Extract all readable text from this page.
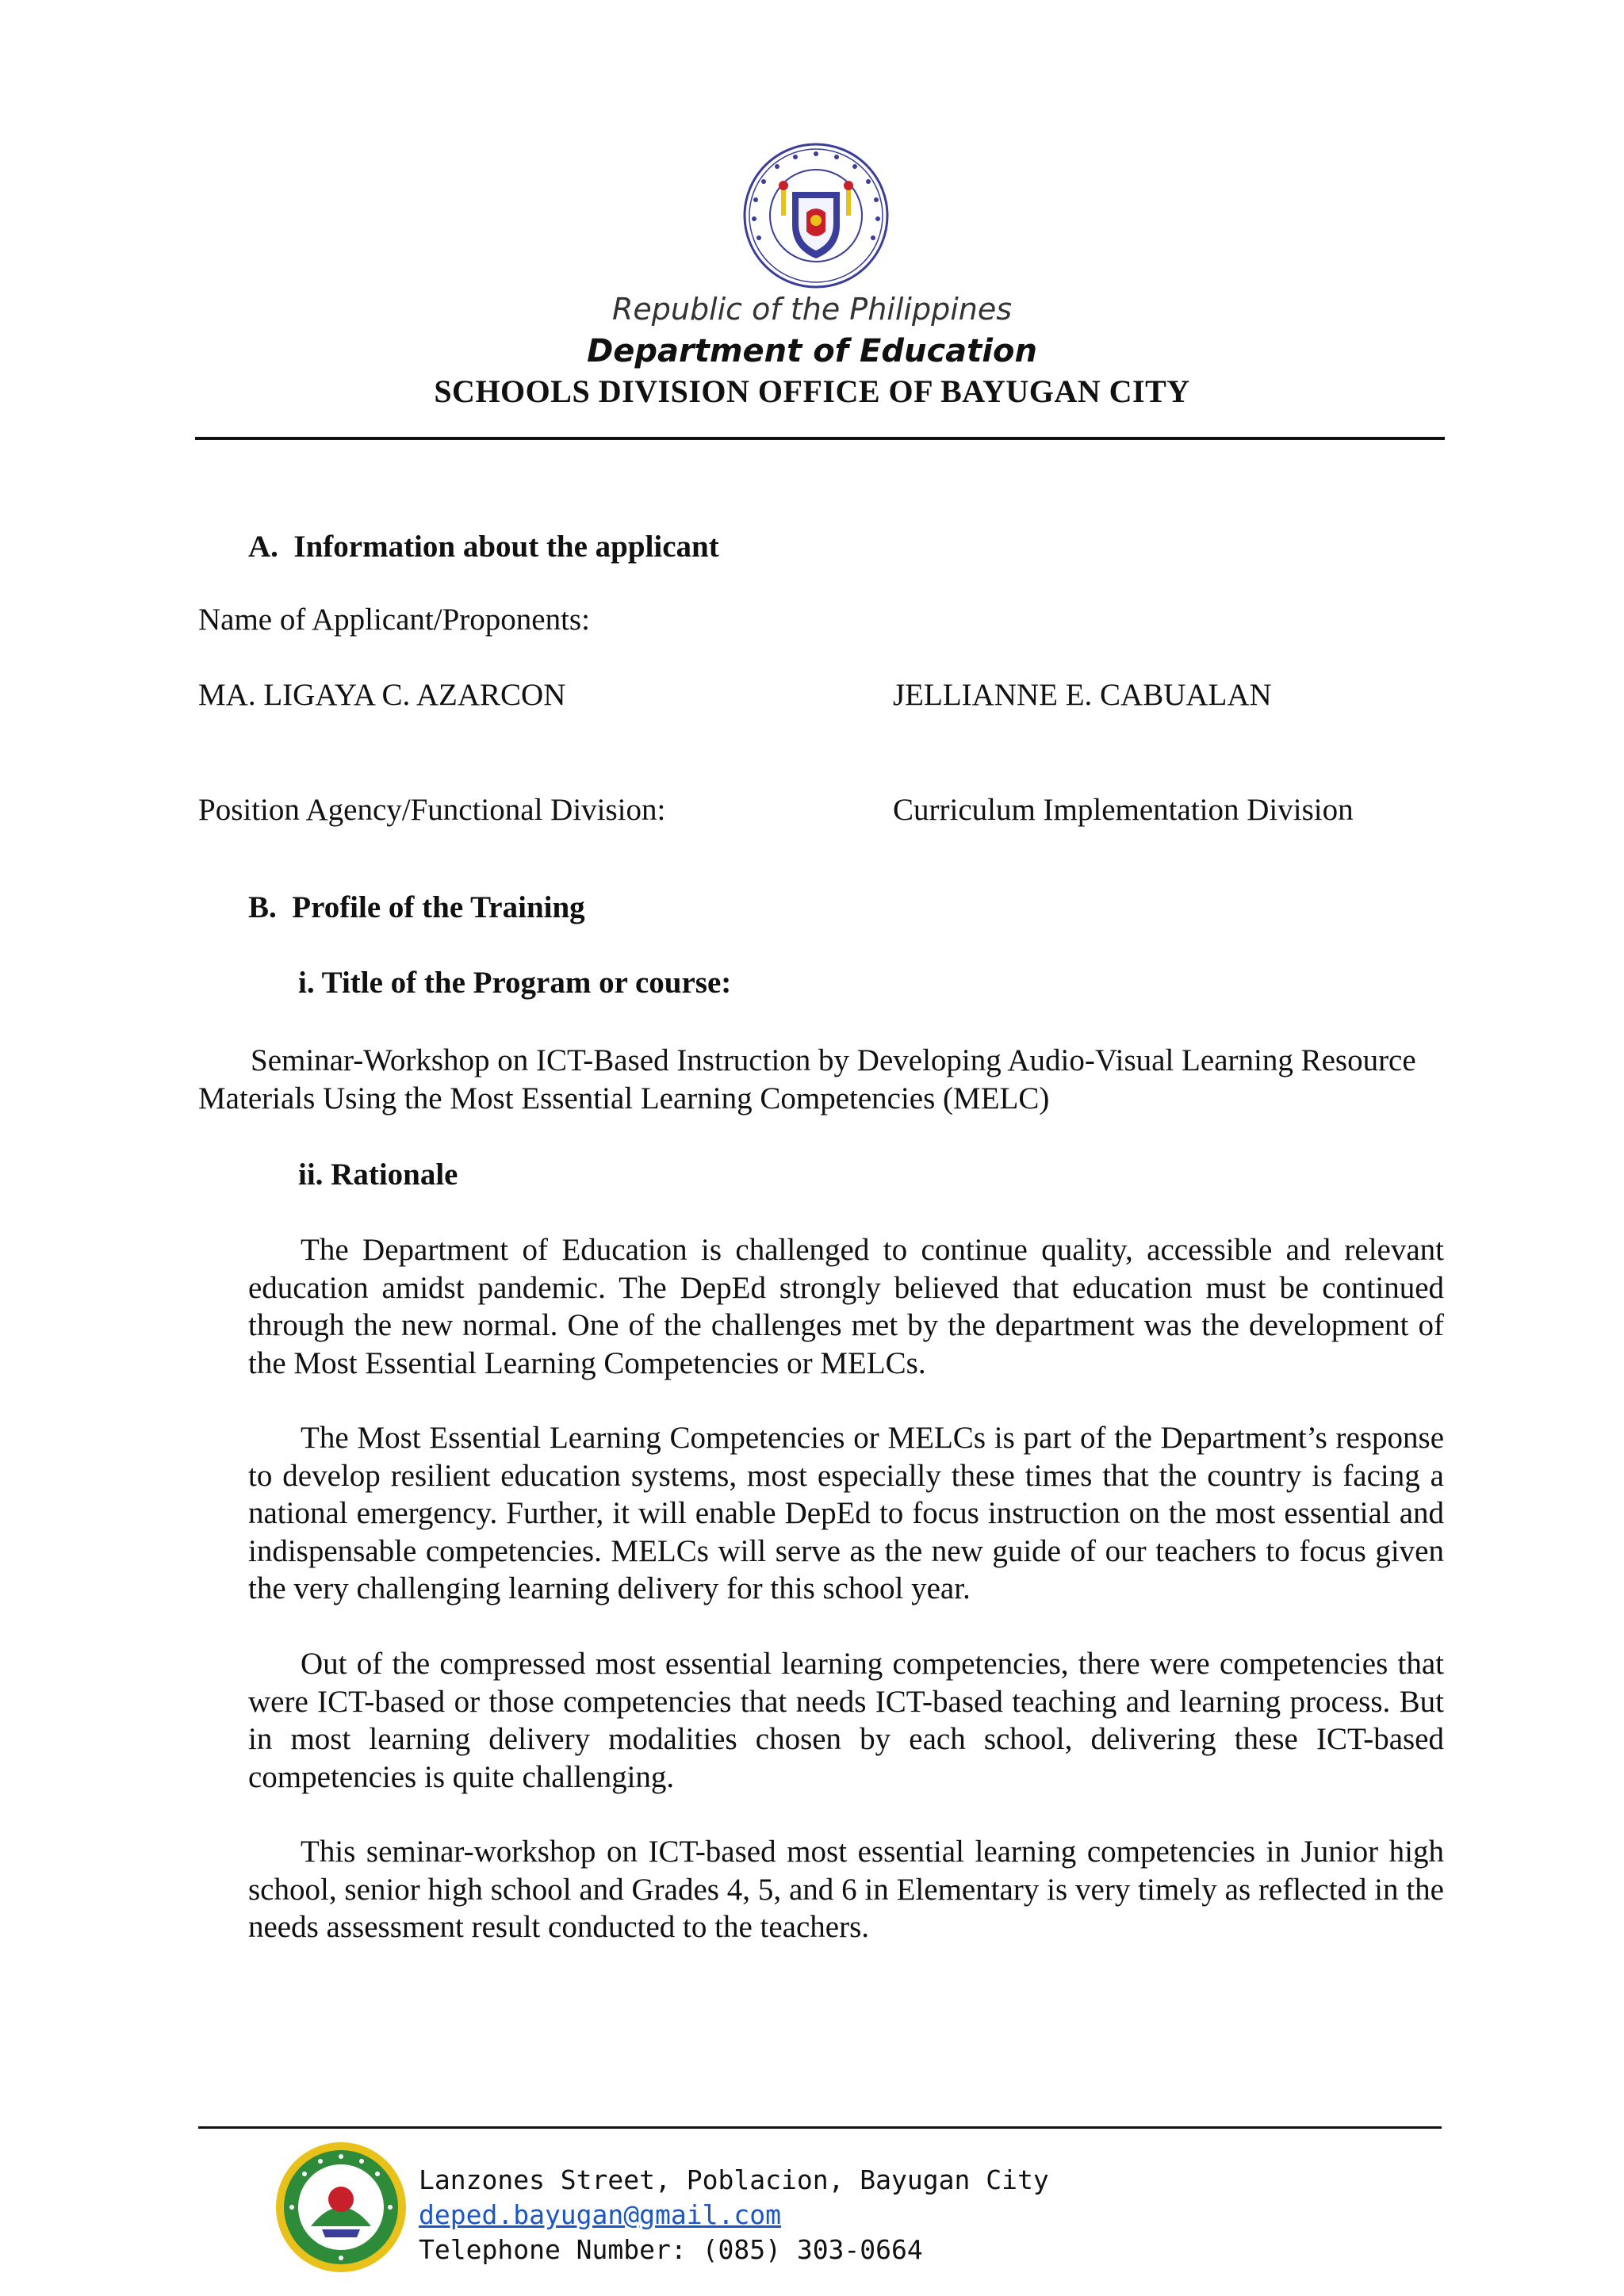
Republic of the Philippines
Department of Education
SCHOOLS DIVISION OFFICE OF BAYUGAN CITY
A.  Information about the applicant
Name of Applicant/Proponents:
MA. LIGAYA C. AZARCON	JELLIANNE E. CABUALAN
Position Agency/Functional Division:	Curriculum Implementation Division
B.  Profile of the Training
i. Title of the Program or course:
Seminar-Workshop on ICT-Based Instruction by Developing Audio-Visual Learning Resource Materials Using the Most Essential Learning Competencies (MELC)
ii. Rationale
The Department of Education is challenged to continue quality, accessible and relevant education amidst pandemic. The DepEd strongly believed that education must be continued through the new normal. One of the challenges met by the department was the development of the Most Essential Learning Competencies or MELCs.
The Most Essential Learning Competencies or MELCs is part of the Department’s response to develop resilient education systems, most especially these times that the country is facing a national emergency. Further, it will enable DepEd to focus instruction on the most essential and indispensable competencies. MELCs will serve as the new guide of our teachers to focus given the very challenging learning delivery for this school year.
Out of the compressed most essential learning competencies, there were competencies that were ICT-based or those competencies that needs ICT-based teaching and learning process. But in most learning delivery modalities chosen by each school, delivering these ICT-based competencies is quite challenging.
This seminar-workshop on ICT-based most essential learning competencies in Junior high school, senior high school and Grades 4, 5, and 6 in Elementary is very timely as reflected in the needs assessment result conducted to the teachers.
Lanzones Street, Poblacion, Bayugan City
deped.bayugan@gmail.com
Telephone Number: (085) 303-0664
